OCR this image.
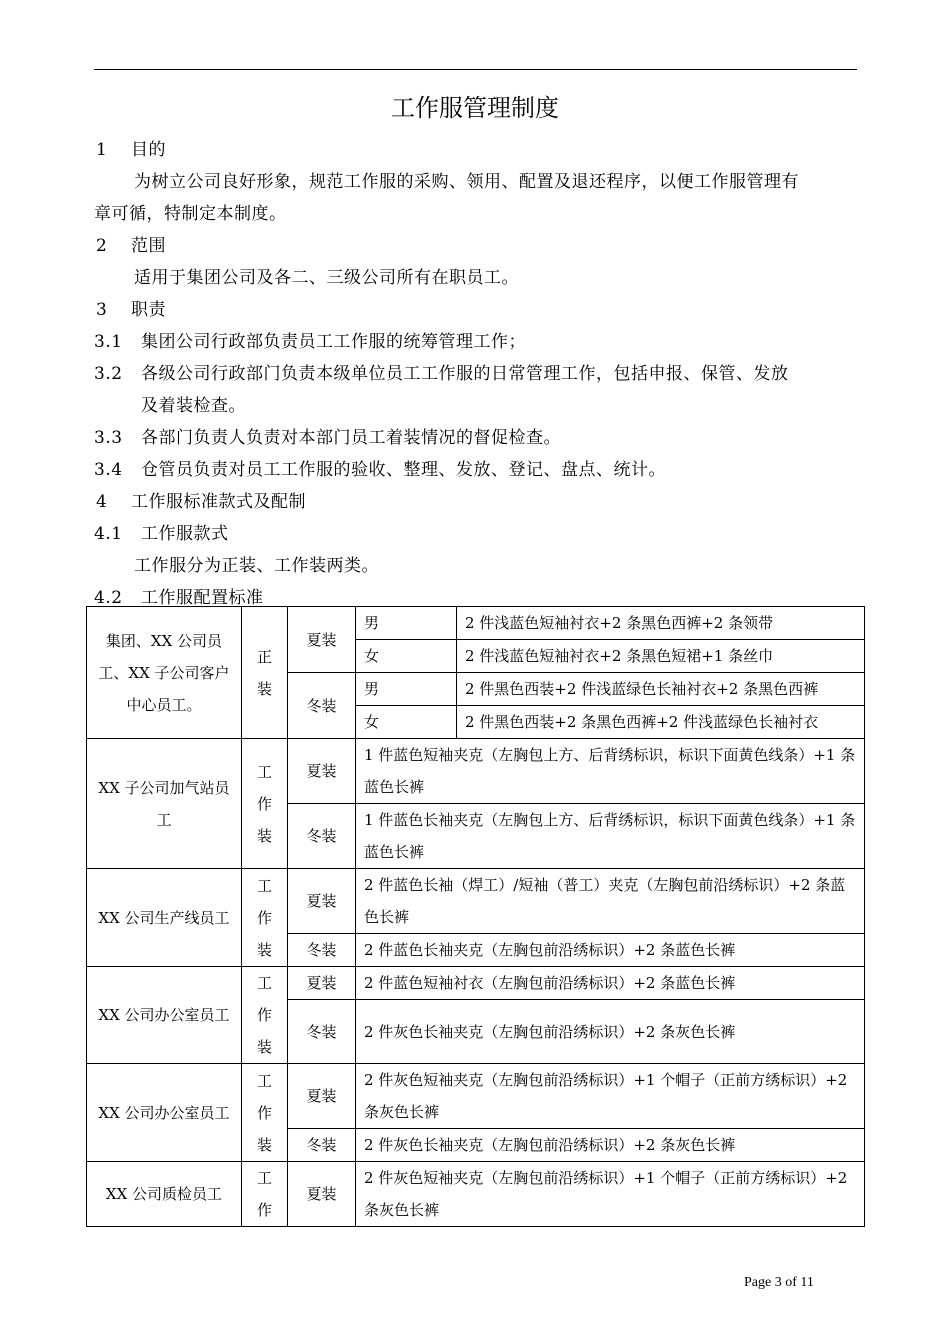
工作服管理制度
1 目的
为树立公司良好形象，规范工作服的采购、领用、配置及退还程序，以便工作服管理有
章可循，特制定本制度。
2 范围
适用于集团公司及各二、三级公司所有在职员工。
3 职责
3.1 集团公司行政部负责员工工作服的统筹管理工作；
3.2 各级公司行政部门负责本级单位员工工作服的日常管理工作，包括申报、保管、发放
及着装检查。
3.3 各部门负责人负责对本部门员工着装情况的督促检查。
3.4 仓管员负责对员工工作服的验收、整理、发放、登记、盘点、统计。
4 工作服标准款式及配制
4.1 工作服款式
工作服分为正装、工作装两类。
4.2 工作服配置标准
集团、XX 公司员工、XX 子公司客户中心员工。	正装	夏装	男	2 件浅蓝色短袖衬衣+2 条黑色西裤+2 条领带
			女	2 件浅蓝色短袖衬衣+2 条黑色短裙+1 条丝巾
		冬装	男	2 件黑色西装+2 件浅蓝绿色长袖衬衣+2 条黑色西裤
			女	2 件黑色西装+2 条黑色西裤+2 件浅蓝绿色长袖衬衣
XX 子公司加气站员工	工作装	夏装	1 件蓝色短袖夹克（左胸包上方、后背绣标识，标识下面黄色线条）+1 条蓝色长裤	
		冬装	1 件蓝色长袖夹克（左胸包上方、后背绣标识，标识下面黄色线条）+1 条蓝色长裤	
XX 公司生产线员工	工作装	夏装	2 件蓝色长袖（焊工）/短袖（普工）夹克（左胸包前沿绣标识）+2 条蓝色长裤	
		冬装	2 件蓝色长袖夹克（左胸包前沿绣标识）+2 条蓝色长裤	
XX 公司办公室员工	工作装	夏装	2 件蓝色短袖衬衣（左胸包前沿绣标识）+2 条蓝色长裤	
		冬装	2 件灰色长袖夹克（左胸包前沿绣标识）+2 条灰色长裤	
XX 公司办公室员工	工作装	夏装	2 件灰色短袖夹克（左胸包前沿绣标识）+1 个帽子（正前方绣标识）+2 条灰色长裤	
		冬装	2 件灰色长袖夹克（左胸包前沿绣标识）+2 条灰色长裤	
XX 公司质检员工	工作	夏装	2 件灰色短袖夹克（左胸包前沿绣标识）+1 个帽子（正前方绣标识）+2 条灰色长裤	
Page 3 of 11
